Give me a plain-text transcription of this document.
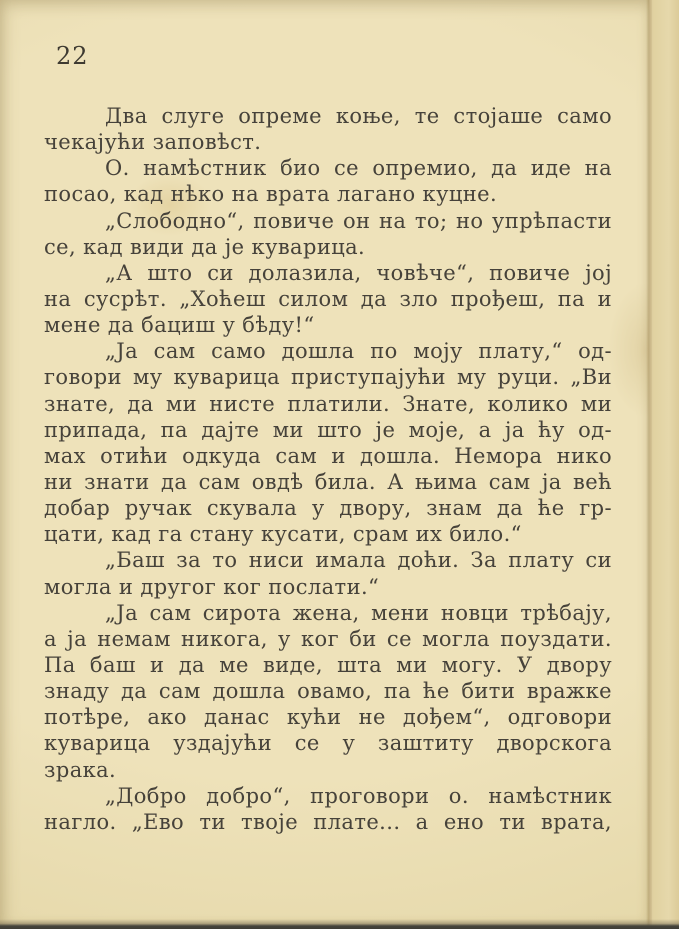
22
Два слуге опреме коње, те стојаше само
чекајући заповѣст.
О. намѣстник био се опремио, да иде на
посао, кад нѣко на врата лагано куцне.
„Слободно“, повиче он на то; но упрѣпасти
се, кад види да је куварица.
„А што си долазила, човѣче“, повиче јој
на сусрѣт. „Хоћеш силом да зло прођеш, па и
мене да бациш у бѣду!“
„Ја сам само дошла по моју плату,“ од-
говори му куварица приступајући му руци. „Ви
знате, да ми нисте платили. Знате, колико ми
припада, па дајте ми што је моје, а ја ћу од-
мах отићи одкуда сам и дошла. Немора нико
ни знати да сам овдѣ била. А њима сам ја већ
добар ручак скувала у двору, знам да ће гр-
цати, кад га стану кусати, срам их било.“
„Баш за то ниси имала доћи. За плату си
могла и другог ког послати.“
„Ја сам сирота жена, мени новци трѣбају,
а ја немам никога, у ког би се могла поуздати.
Па баш и да ме виде, шта ми могу. У двору
знаду да сам дошла овамо, па ће бити вражке
потѣре, ако данас кући не дођем“, одговори
куварица уздајући се у заштиту дворскога
зрака.
„Добро добро“, проговори о. намѣстник
нагло. „Ево ти твоје плате... а ено ти врата,
